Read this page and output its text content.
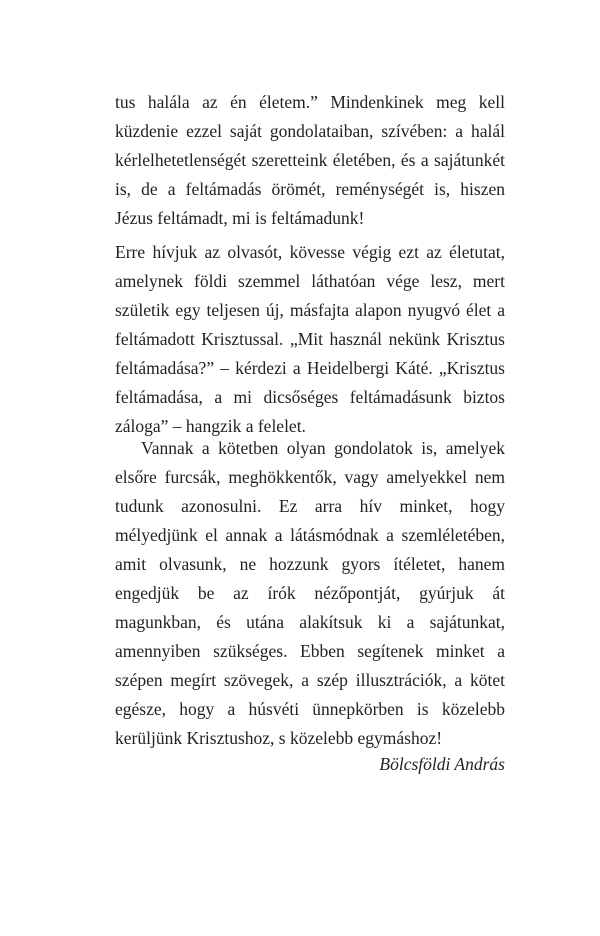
tus halála az én életem.” Mindenkinek meg kell küzdenie ezzel saját gondolataiban, szívében: a halál kérlelhetetlenségét szeretteink életében, és a sajátunkét is, de a feltámadás örömét, reménységét is, hiszen Jézus feltámadt, mi is feltámadunk!

Erre hívjuk az olvasót, kövesse végig ezt az életutat, amelynek földi szemmel láthatóan vége lesz, mert születik egy teljesen új, másfajta alapon nyugvó élet a feltámadott Krisztussal. „Mit használ nekünk Krisztus feltámadása?” – kérdezi a Heidelbergi Káté. „Krisztus feltámadása, a mi dicsőséges feltámadásunk biztos záloga” – hangzik a felelet.

Vannak a kötetben olyan gondolatok is, amelyek elsőre furcsák, meghökkentők, vagy amelyekkel nem tudunk azonosulni. Ez arra hív minket, hogy mélyedjünk el annak a látásmódnak a szemléletében, amit olvasunk, ne hozzunk gyors ítéletet, hanem engedjük be az írók nézőpontját, gyúrjuk át magunkban, és utána alakítsuk ki a sajátunkat, amennyiben szükséges. Ebben segítenek minket a szépen megírt szövegek, a szép illusztrációk, a kötet egésze, hogy a húsvéti ünnepkörben is közelebb kerüljünk Krisztushoz, s közelebb egymáshoz!

Bölcsföldi András
